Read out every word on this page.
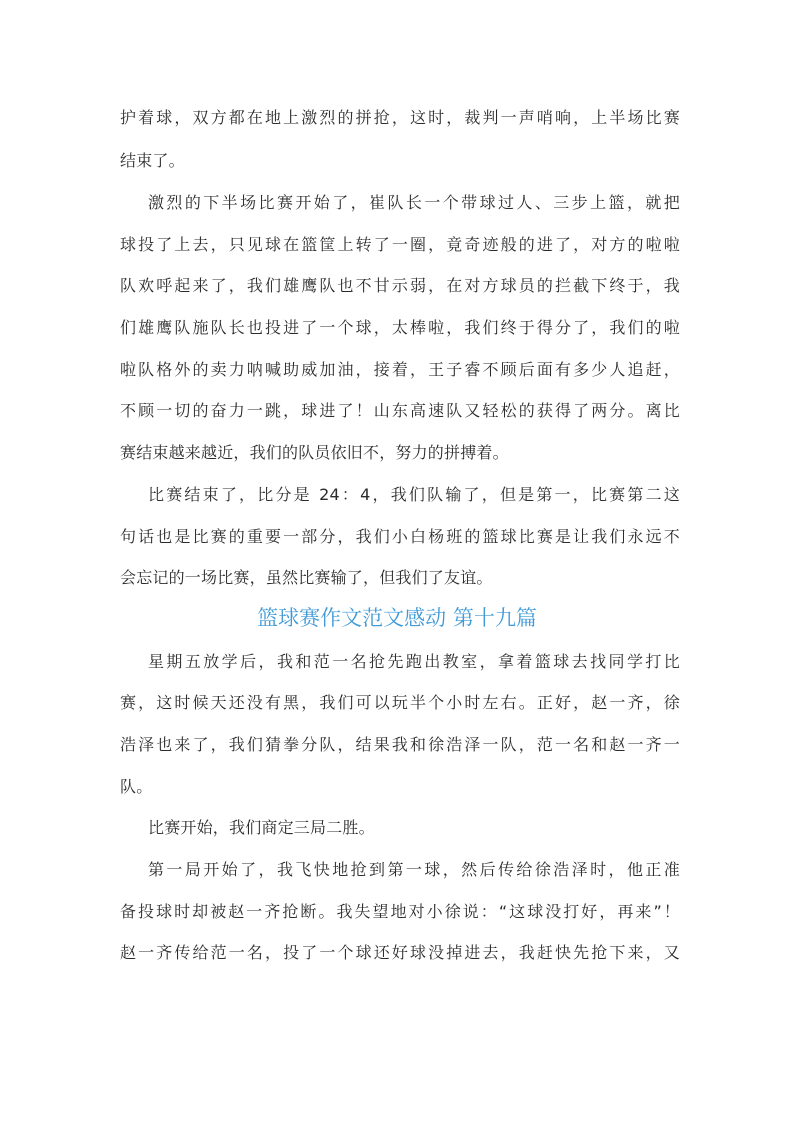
护着球，双方都在地上激烈的拼抢，这时，裁判一声哨响，上半场比赛
结束了。
激烈的下半场比赛开始了，崔队长一个带球过人、三步上篮，就把
球投了上去，只见球在篮筐上转了一圈，竟奇迹般的进了，对方的啦啦
队欢呼起来了，我们雄鹰队也不甘示弱，在对方球员的拦截下终于，我
们雄鹰队施队长也投进了一个球，太棒啦，我们终于得分了，我们的啦
啦队格外的卖力呐喊助威加油，接着，王子睿不顾后面有多少人追赶，
不顾一切的奋力一跳，球进了！山东高速队又轻松的获得了两分。离比
赛结束越来越近，我们的队员依旧不，努力的拼搏着。
比赛结束了，比分是 24：4，我们队输了，但是第一，比赛第二这
句话也是比赛的重要一部分，我们小白杨班的篮球比赛是让我们永远不
会忘记的一场比赛，虽然比赛输了，但我们了友谊。
篮球赛作文范文感动 第十九篇
星期五放学后，我和范一名抢先跑出教室，拿着篮球去找同学打比
赛，这时候天还没有黑，我们可以玩半个小时左右。正好，赵一齐，徐
浩泽也来了，我们猜拳分队，结果我和徐浩泽一队，范一名和赵一齐一
队。
比赛开始，我们商定三局二胜。
第一局开始了，我飞快地抢到第一球，然后传给徐浩泽时，他正准
备投球时却被赵一齐抢断。我失望地对小徐说：“这球没打好，再来”！
赵一齐传给范一名，投了一个球还好球没掉进去，我赶快先抢下来，又
